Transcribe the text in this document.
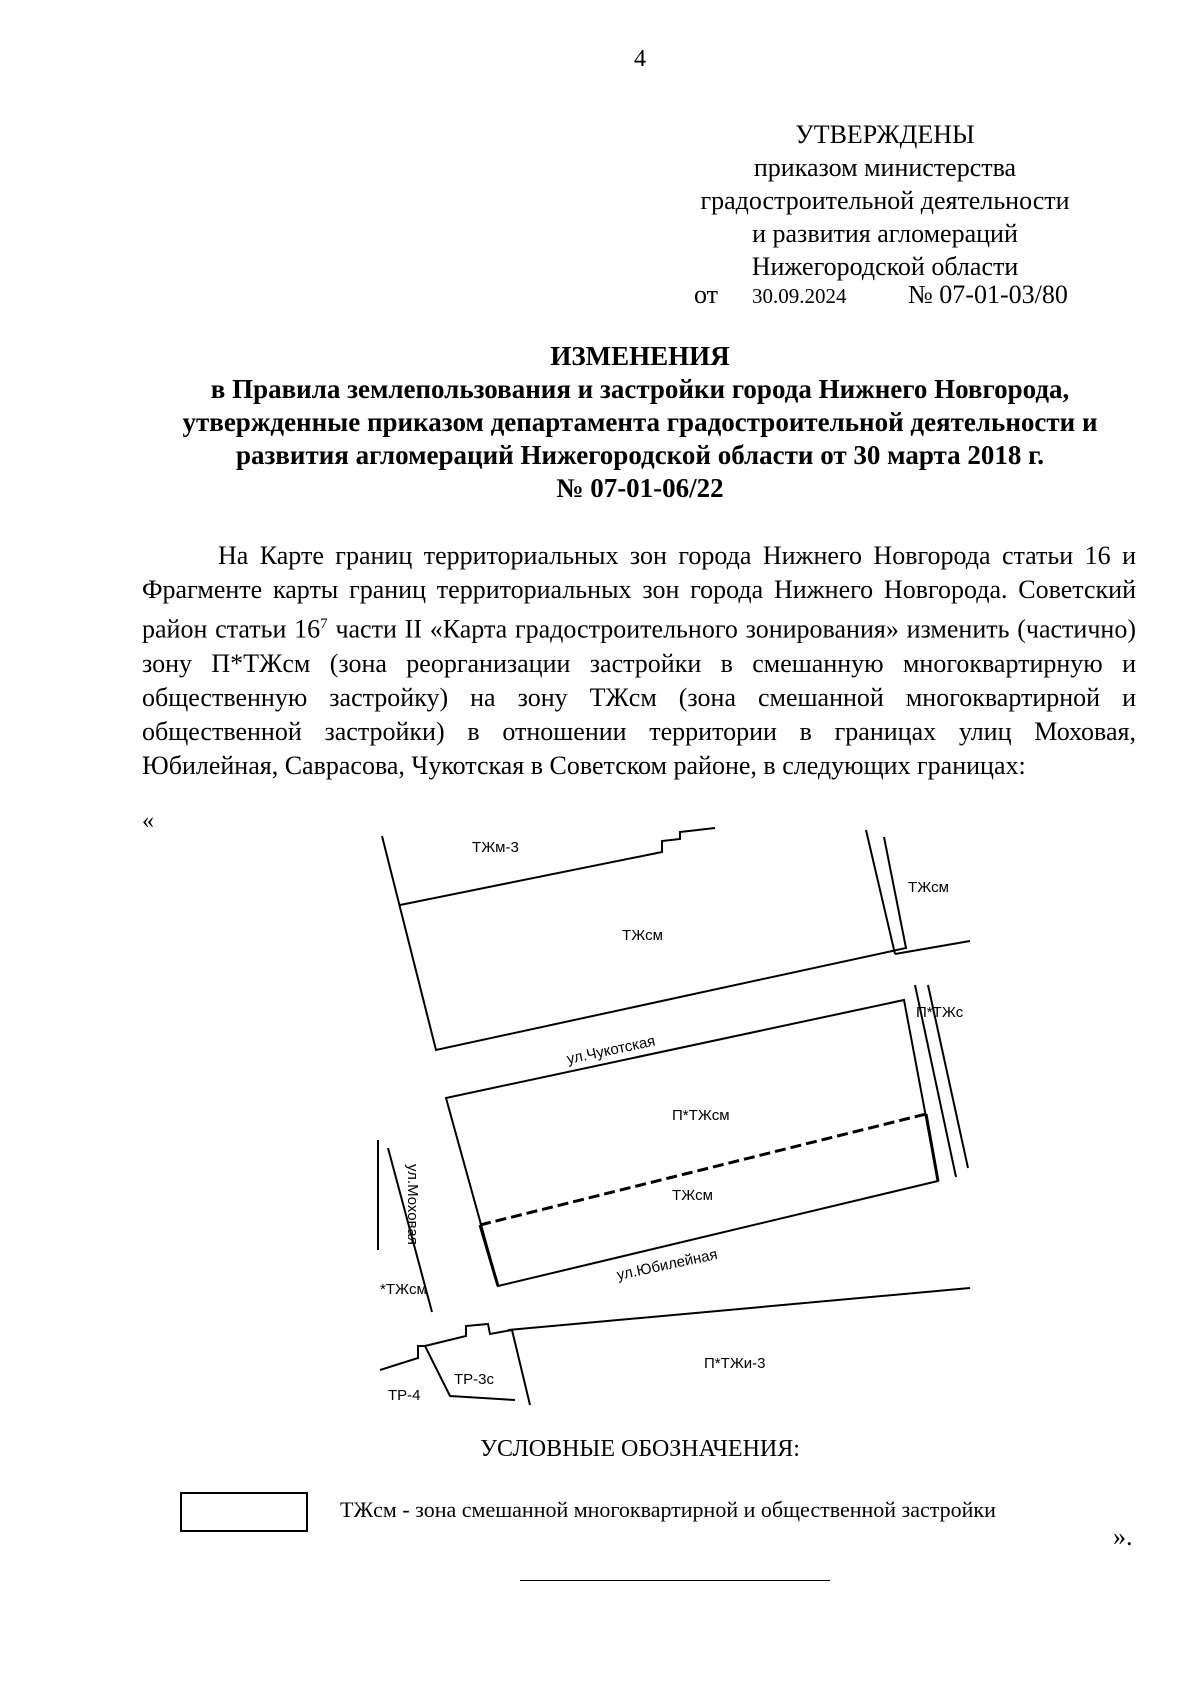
4
УТВЕРЖДЕНЫ
приказом министерства
градостроительной деятельности
и развития агломераций
Нижегородской области
от 30.09.2024 № 07-01-03/80
ИЗМЕНЕНИЯ
в Правила землепользования и застройки города Нижнего Новгорода,
утвержденные приказом департамента градостроительной деятельности и
развития агломераций Нижегородской области от 30 марта 2018 г.
№ 07-01-06/22
На Карте границ территориальных зон города Нижнего Новгорода статьи 16 и Фрагменте карты границ территориальных зон города Нижнего Новгорода. Советский район статьи $16^7$ части II «Карта градостроительного зонирования» изменить (частично) зону П*ТЖсм (зона реорганизации застройки в смешанную многоквартирную и общественную застройку) на зону ТЖсм (зона смешанной многоквартирной и общественной застройки) в отношении территории в границах улиц Моховая, Юбилейная, Саврасова, Чукотская в Советском районе, в следующих границах:
«
ТЖм-3
ТЖсм
ТЖсм
П*ТЖс
ул.Чукотская
П*ТЖсм
ул.Моховая	ТЖсм
ул.Юбилейная
*ТЖсм
П*ТЖи-3
ТР-3с
ТР-4
УСЛОВНЫЕ ОБОЗНАЧЕНИЯ:
ТЖсм - зона смешанной многоквартирной и общественной застройки
».
